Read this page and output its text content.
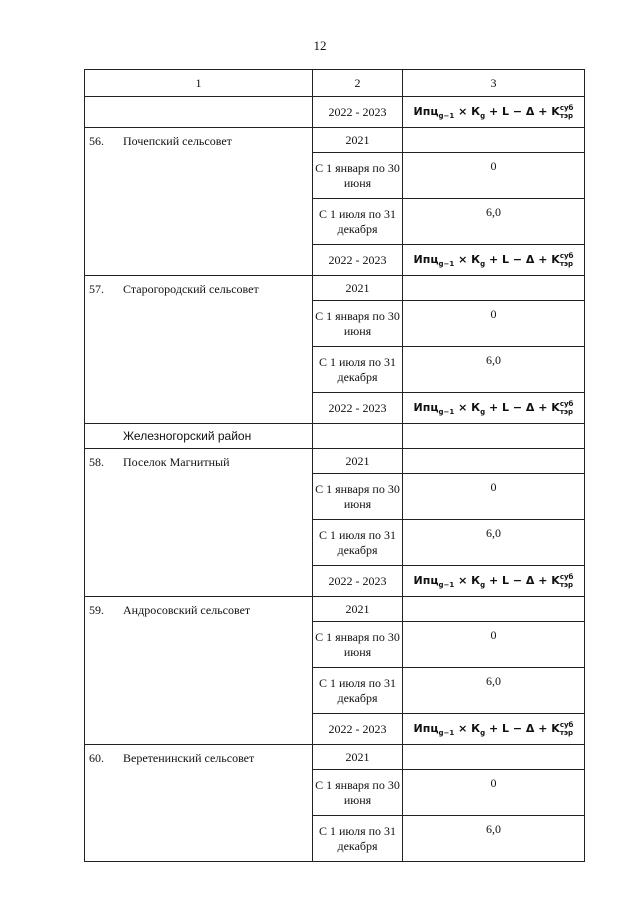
12
1	2	3
	2022 - 2023	$Ипц_{g-1} \times К_g + L - \Delta + K$ суб
тэр

56. Почепский сельсовет	2021	
	С 1 января по 30 июня	0
	С 1 июля по 31 декабря	6,0
	2022 - 2023	$Ипц_{g-1} \times К_g + L - \Delta + K$ суб
тэр

57. Старогородский сельсовет	2021	
	С 1 января по 30 июня	0
	С 1 июля по 31 декабря	6,0
	2022 - 2023	$Ипц_{g-1} \times К_g + L - \Delta + K$ суб
тэр

Железногорский район		
58. Поселок Магнитный	2021	
	С 1 января по 30 июня	0
	С 1 июля по 31 декабря	6,0
	2022 - 2023	$Ипц_{g-1} \times К_g + L - \Delta + K$ суб
тэр

59. Андросовский сельсовет	2021	
	С 1 января по 30 июня	0
	С 1 июля по 31 декабря	6,0
	2022 - 2023	$Ипц_{g-1} \times К_g + L - \Delta + K$ суб
тэр

60. Веретенинский сельсовет	2021	
	С 1 января по 30 июня	0
	С 1 июля по 31 декабря	6,0
